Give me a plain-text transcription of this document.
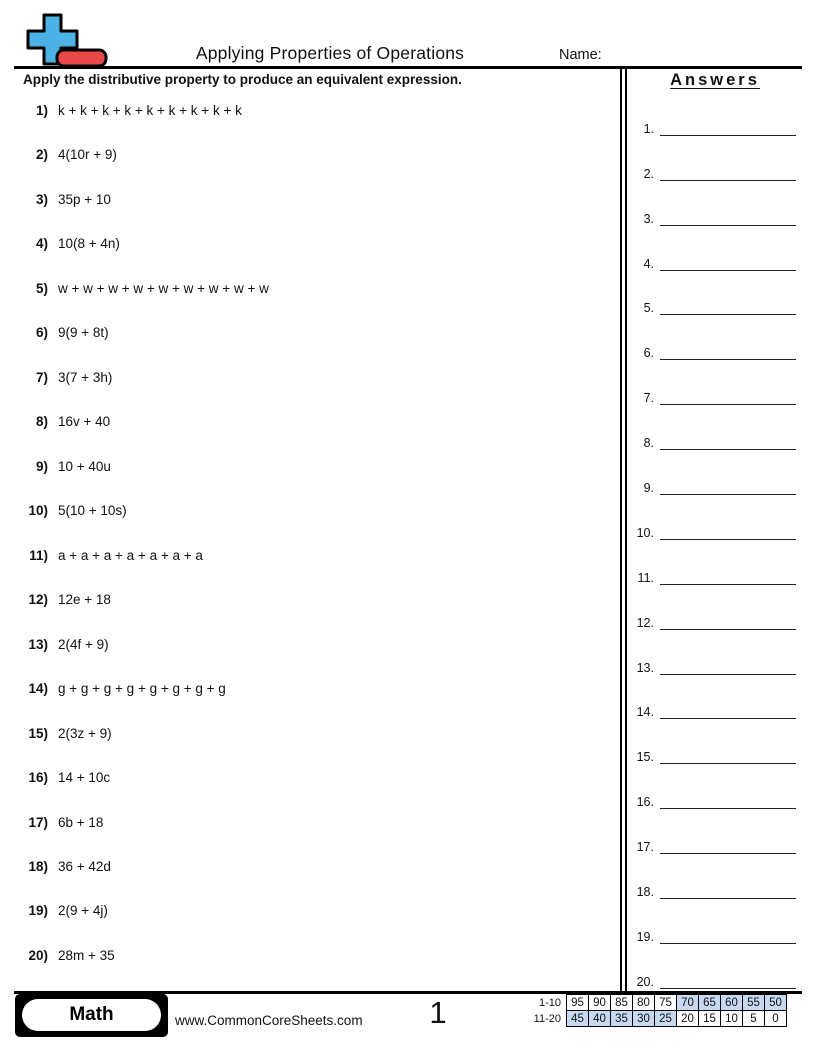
Applying Properties of Operations	Name:
Apply the distributive property to produce an equivalent expression.
1) k + k + k + k + k + k + k + k + k
2) 4(10r + 9)
3) 35p + 10
4) 10(8 + 4n)
5) w + w + w + w + w + w + w + w + w
6) 9(9 + 8t)
7) 3(7 + 3h)
8) 16v + 40
9) 10 + 40u
10) 5(10 + 10s)
11) a + a + a + a + a + a + a
12) 12e + 18
13) 2(4f + 9)
14) g + g + g + g + g + g + g + g
15) 2(3z + 9)
16) 14 + 10c
17) 6b + 18
18) 36 + 42d
19) 2(9 + 4j)
20) 28m + 35
Answers
1.
2.
3.
4.
5.
6.
7.
8.
9.
10.
11.
12.
13.
14.
15.
16.
17.
18.
19.
20.
Math	www.CommonCoreSheets.com	1	1-10	95	90	85	80	75	70	65	60	55	50
11-20	45	40	35	30	25	20	15	10	5	0
